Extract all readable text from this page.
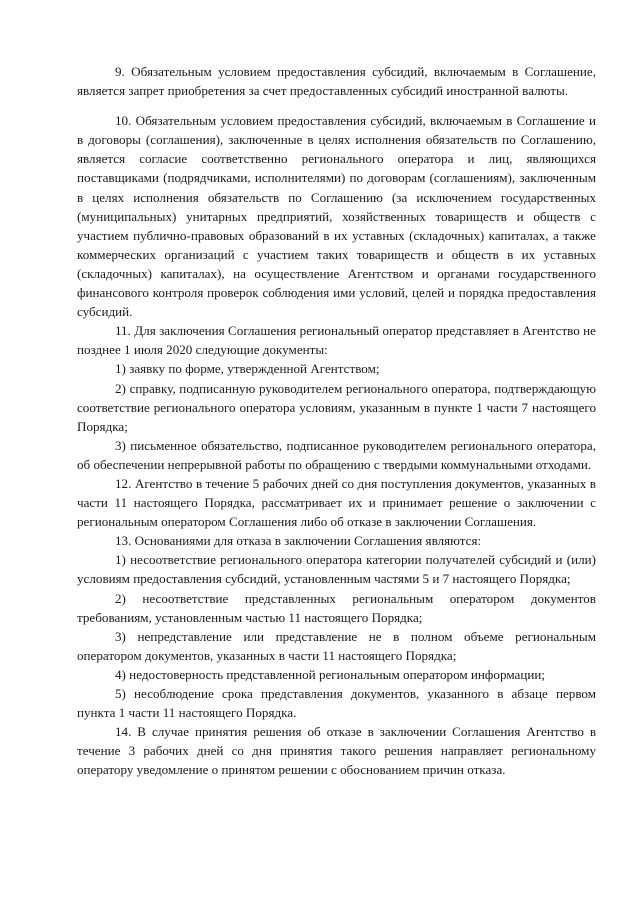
9. Обязательным условием предоставления субсидий, включаемым в Соглашение, является запрет приобретения за счет предоставленных субсидий иностранной валюты.

10. Обязательным условием предоставления субсидий, включаемым в Соглашение и в договоры (соглашения), заключенные в целях исполнения обязательств по Соглашению, является согласие соответственно регионального оператора и лиц, являющихся поставщиками (подрядчиками, исполнителями) по договорам (соглашениям), заключенным в целях исполнения обязательств по Соглашению (за исключением государственных (муниципальных) унитарных предприятий, хозяйственных товариществ и обществ с участием публично-правовых образований в их уставных (складочных) капиталах, а также коммерческих организаций с участием таких товариществ и обществ в их уставных (складочных) капиталах), на осуществление Агентством и органами государственного финансового контроля проверок соблюдения ими условий, целей и порядка предоставления субсидий.

11. Для заключения Соглашения региональный оператор представляет в Агентство не позднее 1 июля 2020 следующие документы:

1) заявку по форме, утвержденной Агентством;

2) справку, подписанную руководителем регионального оператора, подтверждающую соответствие регионального оператора условиям, указанным в пункте 1 части 7 настоящего Порядка;

3) письменное обязательство, подписанное руководителем регионального оператора, об обеспечении непрерывной работы по обращению с твердыми коммунальными отходами.

12. Агентство в течение 5 рабочих дней со дня поступления документов, указанных в части 11 настоящего Порядка, рассматривает их и принимает решение о заключении с региональным оператором Соглашения либо об отказе в заключении Соглашения.

13. Основаниями для отказа в заключении Соглашения являются:

1) несоответствие регионального оператора категории получателей субсидий и (или) условиям предоставления субсидий, установленным частями 5 и 7 настоящего Порядка;

2) несоответствие представленных региональным оператором документов требованиям, установленным частью 11 настоящего Порядка;

3) непредставление или представление не в полном объеме региональным оператором документов, указанных в части 11 настоящего Порядка;

4) недостоверность представленной региональным оператором информации;

5) несоблюдение срока представления документов, указанного в абзаце первом пункта 1 части 11 настоящего Порядка.

14. В случае принятия решения об отказе в заключении Соглашения Агентство в течение 3 рабочих дней со дня принятия такого решения направляет региональному оператору уведомление о принятом решении с обоснованием причин отказа.
